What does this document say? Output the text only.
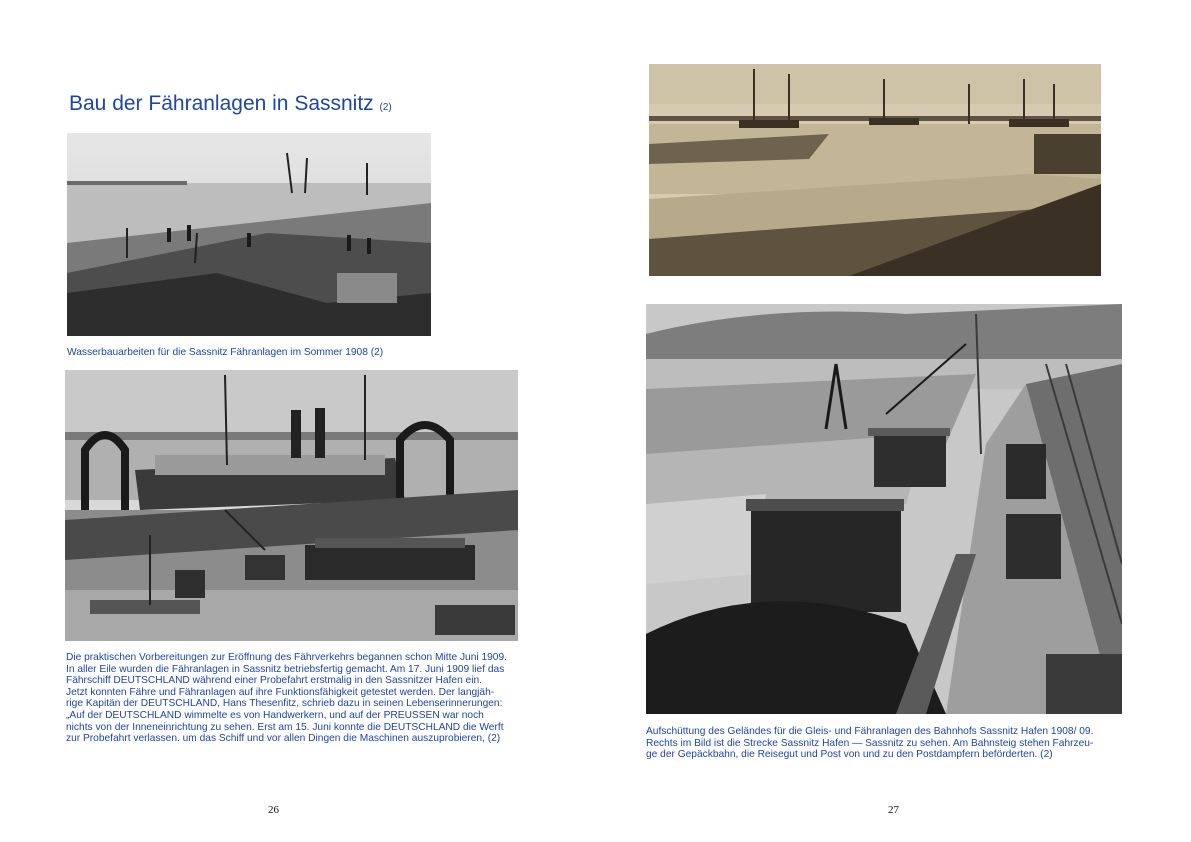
Bau der Fähranlagen in Sassnitz (2)

Wasserbauarbeiten für die Sassnitz Fähranlagen im Sommer 1908 (2)

Die praktischen Vorbereitungen zur Eröffnung des Fährverkehrs begannen schon Mitte Juni 1909.

In aller Eile wurden die Fähranlagen in Sassnitz betriebsfertig gemacht. Am 17. Juni 1909 lief das

Fährschiff DEUTSCHLAND während einer Probefahrt erstmalig in den Sassnitzer Hafen ein.

Jetzt konnten Fähre und Fähranlagen auf ihre Funktionsfähigkeit getestet werden. Der langjäh-

rige Kapitän der DEUTSCHLAND, Hans Thesenfitz, schrieb dazu in seinen Lebenserinnerungen:

„Auf der DEUTSCHLAND wimmelte es von Handwerkern, und auf der PREUSSEN war noch

nichts von der Inneneinrichtung zu sehen. Erst am 15. Juni konnte die DEUTSCHLAND die Werft

zur Probefahrt verlassen. um das Schiff und vor allen Dingen die Maschinen auszuprobieren, (2)

26

Aufschüttung des Geländes für die Gleis- und Fähranlagen des Bahnhofs Sassnitz Hafen 1908/ 09.

Rechts im Bild ist die Strecke Sassnitz Hafen — Sassnitz zu sehen. Am Bahnsteig stehen Fahrzeu-

ge der Gepäckbahn, die Reisegut und Post von und zu den Postdampfern beförderten. (2)

27
